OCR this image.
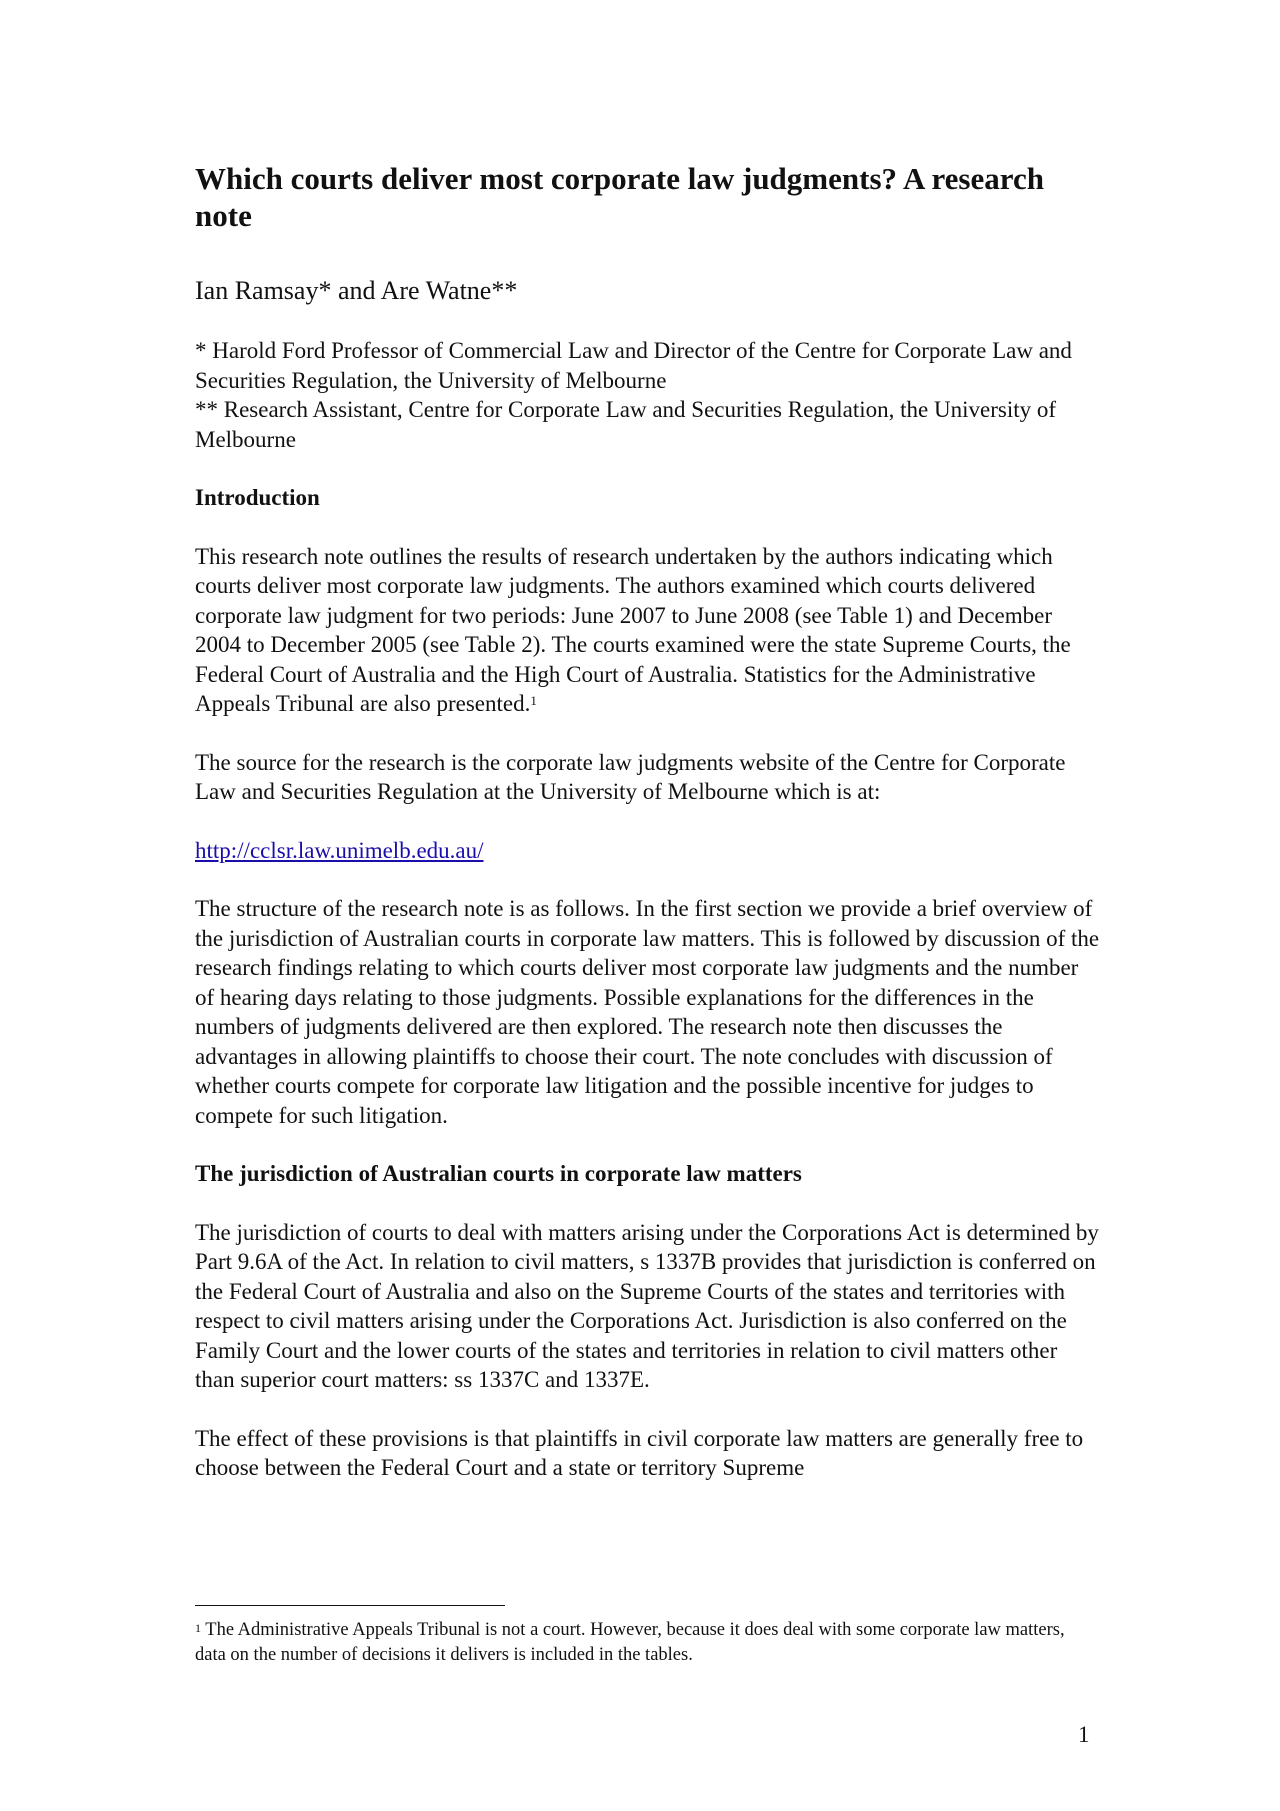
Which courts deliver most corporate law judgments? A research note
Ian Ramsay* and Are Watne**
* Harold Ford Professor of Commercial Law and Director of the Centre for Corporate Law and Securities Regulation, the University of Melbourne
** Research Assistant, Centre for Corporate Law and Securities Regulation, the University of Melbourne
Introduction

This research note outlines the results of research undertaken by the authors indicating which courts deliver most corporate law judgments. The authors examined which courts delivered corporate law judgment for two periods: June 2007 to June 2008 (see Table 1) and December 2004 to December 2005 (see Table 2). The courts examined were the state Supreme Courts, the Federal Court of Australia and the High Court of Australia. Statistics for the Administrative Appeals Tribunal are also presented.$^1$

The source for the research is the corporate law judgments website of the Centre for Corporate Law and Securities Regulation at the University of Melbourne which is at:

http://cclsr.law.unimelb.edu.au/

The structure of the research note is as follows. In the first section we provide a brief overview of the jurisdiction of Australian courts in corporate law matters. This is followed by discussion of the research findings relating to which courts deliver most corporate law judgments and the number of hearing days relating to those judgments. Possible explanations for the differences in the numbers of judgments delivered are then explored. The research note then discusses the advantages in allowing plaintiffs to choose their court. The note concludes with discussion of whether courts compete for corporate law litigation and the possible incentive for judges to compete for such litigation.

The jurisdiction of Australian courts in corporate law matters

The jurisdiction of courts to deal with matters arising under the Corporations Act is determined by Part 9.6A of the Act. In relation to civil matters, s 1337B provides that jurisdiction is conferred on the Federal Court of Australia and also on the Supreme Courts of the states and territories with respect to civil matters arising under the Corporations Act. Jurisdiction is also conferred on the Family Court and the lower courts of the states and territories in relation to civil matters other than superior court matters: ss 1337C and 1337E.

The effect of these provisions is that plaintiffs in civil corporate law matters are generally free to choose between the Federal Court and a state or territory Supreme

$^1$ The Administrative Appeals Tribunal is not a court. However, because it does deal with some corporate law matters, data on the number of decisions it delivers is included in the tables.
1
